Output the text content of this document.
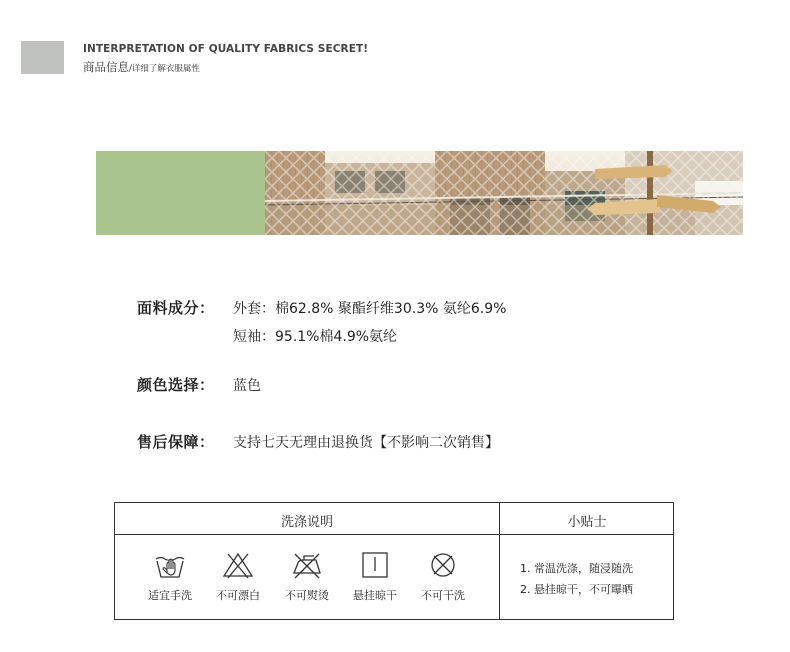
INTERPRETATION OF QUALITY FABRICS SECRET!
商品信息/详细了解衣服属性
面料成分： 外套：棉62.8% 聚酯纤维30.3% 氨纶6.9%
短袖：95.1%棉4.9%氨纶
颜色选择： 蓝色
售后保障： 支持七天无理由退换货【不影响二次销售】
洗涤说明	小贴士
适宜手洗	不可漂白	不可熨烫	悬挂晾干	不可干洗
1. 常温洗涤，随浸随洗
2. 悬挂晾干，不可曝晒
